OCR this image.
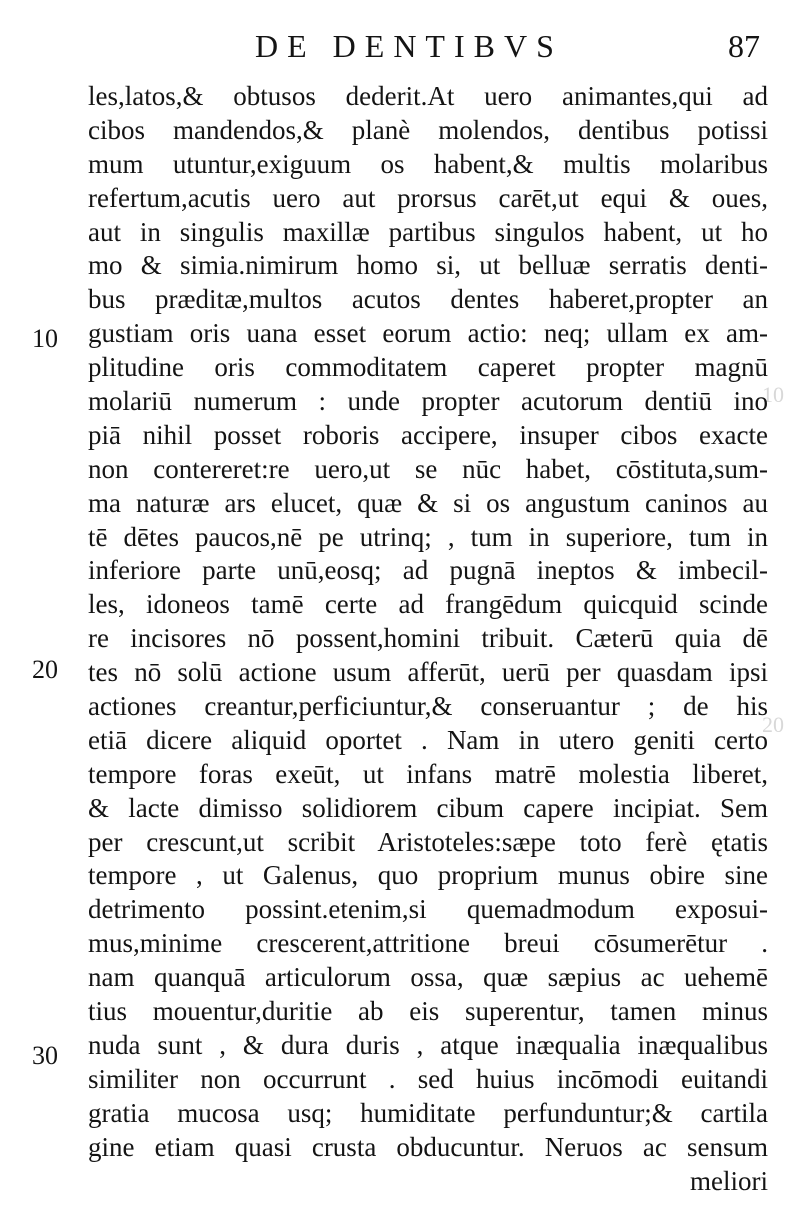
10
20
DE DENTIBVS	87
10
20
30
les,latos,& obtusos dederit.At uero animantes,qui ad
cibos mandendos,& planè molendos, dentibus potissi
mum utuntur,exiguum os habent,& multis molaribus
refertum,acutis uero aut prorsus carēt,ut equi & oues,
aut in singulis maxillæ partibus singulos habent, ut ho
mo & simia.nimirum homo si, ut belluæ serratis denti-
bus præditæ,multos acutos dentes haberet,propter an
gustiam oris uana esset eorum actio: neq; ullam ex am-
plitudine oris commoditatem caperet propter magnū
molariū numerum : unde propter acutorum dentiū ino
piā nihil posset roboris accipere, insuper cibos exacte
non contereret:re uero,ut se nūc habet, cōstituta,sum-
ma naturæ ars elucet, quæ & si os angustum caninos au
tē dētes paucos,nē pe utrinq; , tum in superiore, tum in
inferiore parte unū,eosq; ad pugnā ineptos & imbecil-
les, idoneos tamē certe ad frangēdum quicquid scinde
re incisores nō possent,homini tribuit. Cæterū quia dē
tes nō solū actione usum afferūt, uerū per quasdam ipsi
actiones creantur,perficiuntur,& conseruantur ; de his
etiā dicere aliquid oportet . Nam in utero geniti certo
tempore foras exeūt, ut infans matrē molestia liberet,
& lacte dimisso solidiorem cibum capere incipiat. Sem
per crescunt,ut scribit Aristoteles:sæpe toto ferè ętatis
tempore , ut Galenus, quo proprium munus obire sine
detrimento possint.etenim,si quemadmodum exposui-
mus,minime crescerent,attritione breui cōsumerētur .
nam quanquā articulorum ossa, quæ sæpius ac uehemē
tius mouentur,duritie ab eis superentur, tamen minus
nuda sunt , & dura duris , atque inæqualia inæqualibus
similiter non occurrunt . sed huius incōmodi euitandi
gratia mucosa usq; humiditate perfunduntur;& cartila
gine etiam quasi crusta obducuntur. Neruos ac sensum
meliori
